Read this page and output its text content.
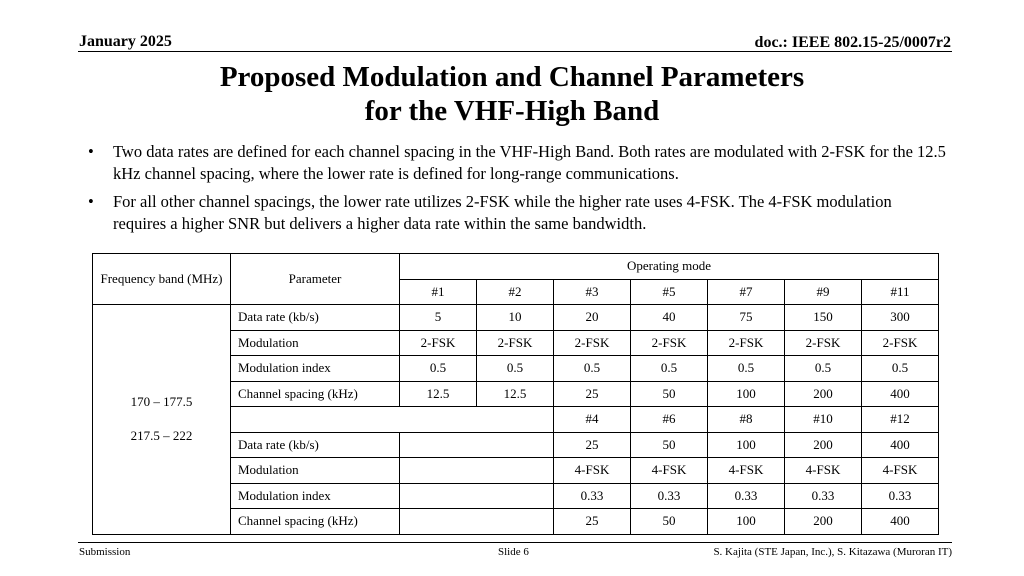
January 2025	doc.: IEEE 802.15-25/0007r2
Proposed Modulation and Channel Parameters
for the VHF-High Band
• Two data rates are defined for each channel spacing in the VHF-High Band. Both rates are modulated with 2-FSK for the 12.5 kHz channel spacing, where the lower rate is defined for long-range communications.
• For all other channel spacings, the lower rate utilizes 2-FSK while the higher rate uses 4-FSK. The 4-FSK modulation requires a higher SNR but delivers a higher data rate within the same bandwidth.
Frequency band (MHz)	Parameter	Operating mode						
		#1	#2	#3	#5	#7	#9	#11

170 – 177.5
217.5 – 222	Data rate (kb/s)	5	10	20	40	75	150	300
	Modulation	2-FSK	2-FSK	2-FSK	2-FSK	2-FSK	2-FSK	2-FSK
	Modulation index	0.5	0.5	0.5	0.5	0.5	0.5	0.5
	Channel spacing (kHz)	12.5	12.5	25	50	100	200	400
				#4	#6	#8	#10	#12
	Data rate (kb/s)			25	50	100	200	400
	Modulation			4-FSK	4-FSK	4-FSK	4-FSK	4-FSK
	Modulation index			0.33	0.33	0.33	0.33	0.33
	Channel spacing (kHz)			25	50	100	200	400
Submission	Slide 6	S. Kajita (STE Japan, Inc.), S. Kitazawa (Muroran IT)
